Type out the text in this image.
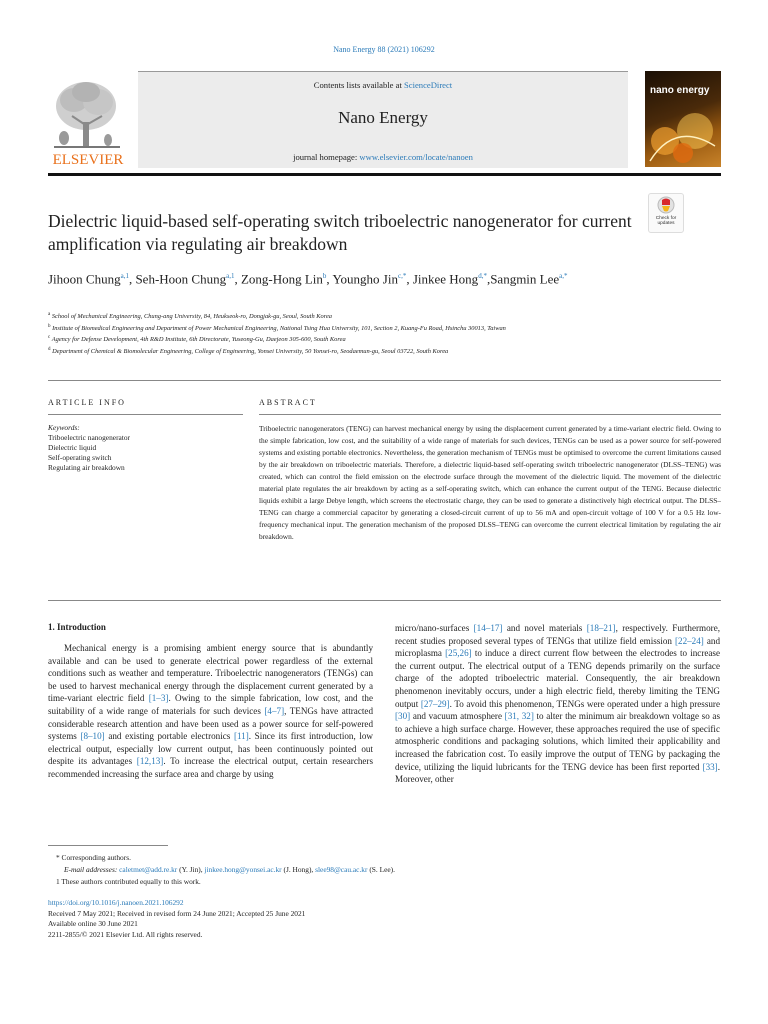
Nano Energy 88 (2021) 106292
ELSEVIER
Contents lists available at ScienceDirect
Nano Energy
journal homepage: www.elsevier.com/locate/nanoen
nano energy
Dielectric liquid-based self-operating switch triboelectric nanogenerator for current amplification via regulating air breakdown
Check for updates
Jihoon Chung$^{a,1}$, Seh-Hoon Chung$^{a,1}$, Zong-Hong Lin$^b$, Youngho Jin$^{c,*}$, Jinkee Hong$^{d,*}$,Sangmin Lee$^{a,*}$
$^a$ School of Mechanical Engineering, Chung-ang University, 84, Heukseok-ro, Dongjak-gu, Seoul, South Korea
$^b$ Institute of Biomedical Engineering and Department of Power Mechanical Engineering, National Tsing Hua University, 101, Section 2, Kuang-Fu Road, Hsinchu 30013, Taiwan
$^c$ Agency for Defense Development, 4th R&D Institute, 6th Directorate, Yuseong-Gu, Daejeon 305-600, South Korea
$^d$ Department of Chemical & Biomolecular Engineering, College of Engineering, Yonsei University, 50 Yonsei-ro, Seodaemun-gu, Seoul 03722, South Korea
ARTICLE INFO	ABSTRACT
Keywords:
Triboelectric nanogenerator
Dielectric liquid
Self-operating switch
Regulating air breakdown
Triboelectric nanogenerators (TENG) can harvest mechanical energy by using the displacement current generated by a time-variant electric field. Owing to the simple fabrication, low cost, and the suitability of a wide range of materials for such devices, TENGs can be used as a power source for self-powered systems and existing portable electronics. Nevertheless, the generation mechanism of TENGs must be optimised to overcome the current limitations caused by the air breakdown on triboelectric materials. Therefore, a dielectric liquid-based self-operating switch triboelectric nanogenerator (DLSS–TENG) was created, which can control the field emission on the electrode surface through the movement of the dielectric liquid. The movement of the dielectric material plate regulates the air breakdown by acting as a self-operating switch, which can enhance the current output of the TENG. Because dielectric liquids exhibit a large Debye length, which screens the electrostatic charge, they can be used to generate a distinctively high electrical output. The DLSS–TENG can charge a commercial capacitor by generating a closed-circuit current of up to 56 mA and open-circuit voltage of 100 V for a 0.5 Hz low-frequency mechanical input. The generation mechanism of the proposed DLSS–TENG can overcome the current electrical limitation by regulating the air breakdown.
1. Introduction
Mechanical energy is a promising ambient energy source that is abundantly available and can be used to generate electrical power regardless of the external conditions such as weather and temperature. Triboelectric nanogenerators (TENGs) can be used to harvest mechanical energy through the displacement current generated by a time-variant electric field [1–3]. Owing to the simple fabrication, low cost, and the suitability of a wide range of materials for such devices [4–7], TENGs have attracted considerable research attention and have been used as a power source for self-powered systems [8–10] and existing portable electronics [11]. Since its first introduction, low electrical output, especially low current output, has been continuously pointed out despite its advantages [12,13]. To increase the electrical output, certain researchers recommended increasing the surface area and charge by using
micro/nano-surfaces [14–17] and novel materials [18–21], respectively. Furthermore, recent studies proposed several types of TENGs that utilize field emission [22–24] and microplasma [25,26] to induce a direct current flow between the electrodes to increase the current output. The electrical output of a TENG depends primarily on the surface charge of the adopted triboelectric material. Consequently, the air breakdown phenomenon inevitably occurs, under a high electric field, thereby limiting the TENG output [27–29]. To avoid this phenomenon, TENGs were operated under a high pressure [30] and vacuum atmosphere [31, 32] to alter the minimum air breakdown voltage so as to achieve a high surface charge. However, these approaches required the use of specific atmospheric conditions and packaging solutions, which limited their applicability and increased the fabrication cost. To easily improve the output of TENG by packaging the device, utilizing the liquid lubricants for the TENG device has been first reported [33]. Moreover, other
* Corresponding authors.
E-mail addresses: caletmet@add.re.kr (Y. Jin), jinkee.hong@yonsei.ac.kr (J. Hong), slee98@cau.ac.kr (S. Lee).
1 These authors contributed equally to this work.
https://doi.org/10.1016/j.nanoen.2021.106292
Received 7 May 2021; Received in revised form 24 June 2021; Accepted 25 June 2021
Available online 30 June 2021
2211-2855/© 2021 Elsevier Ltd. All rights reserved.
